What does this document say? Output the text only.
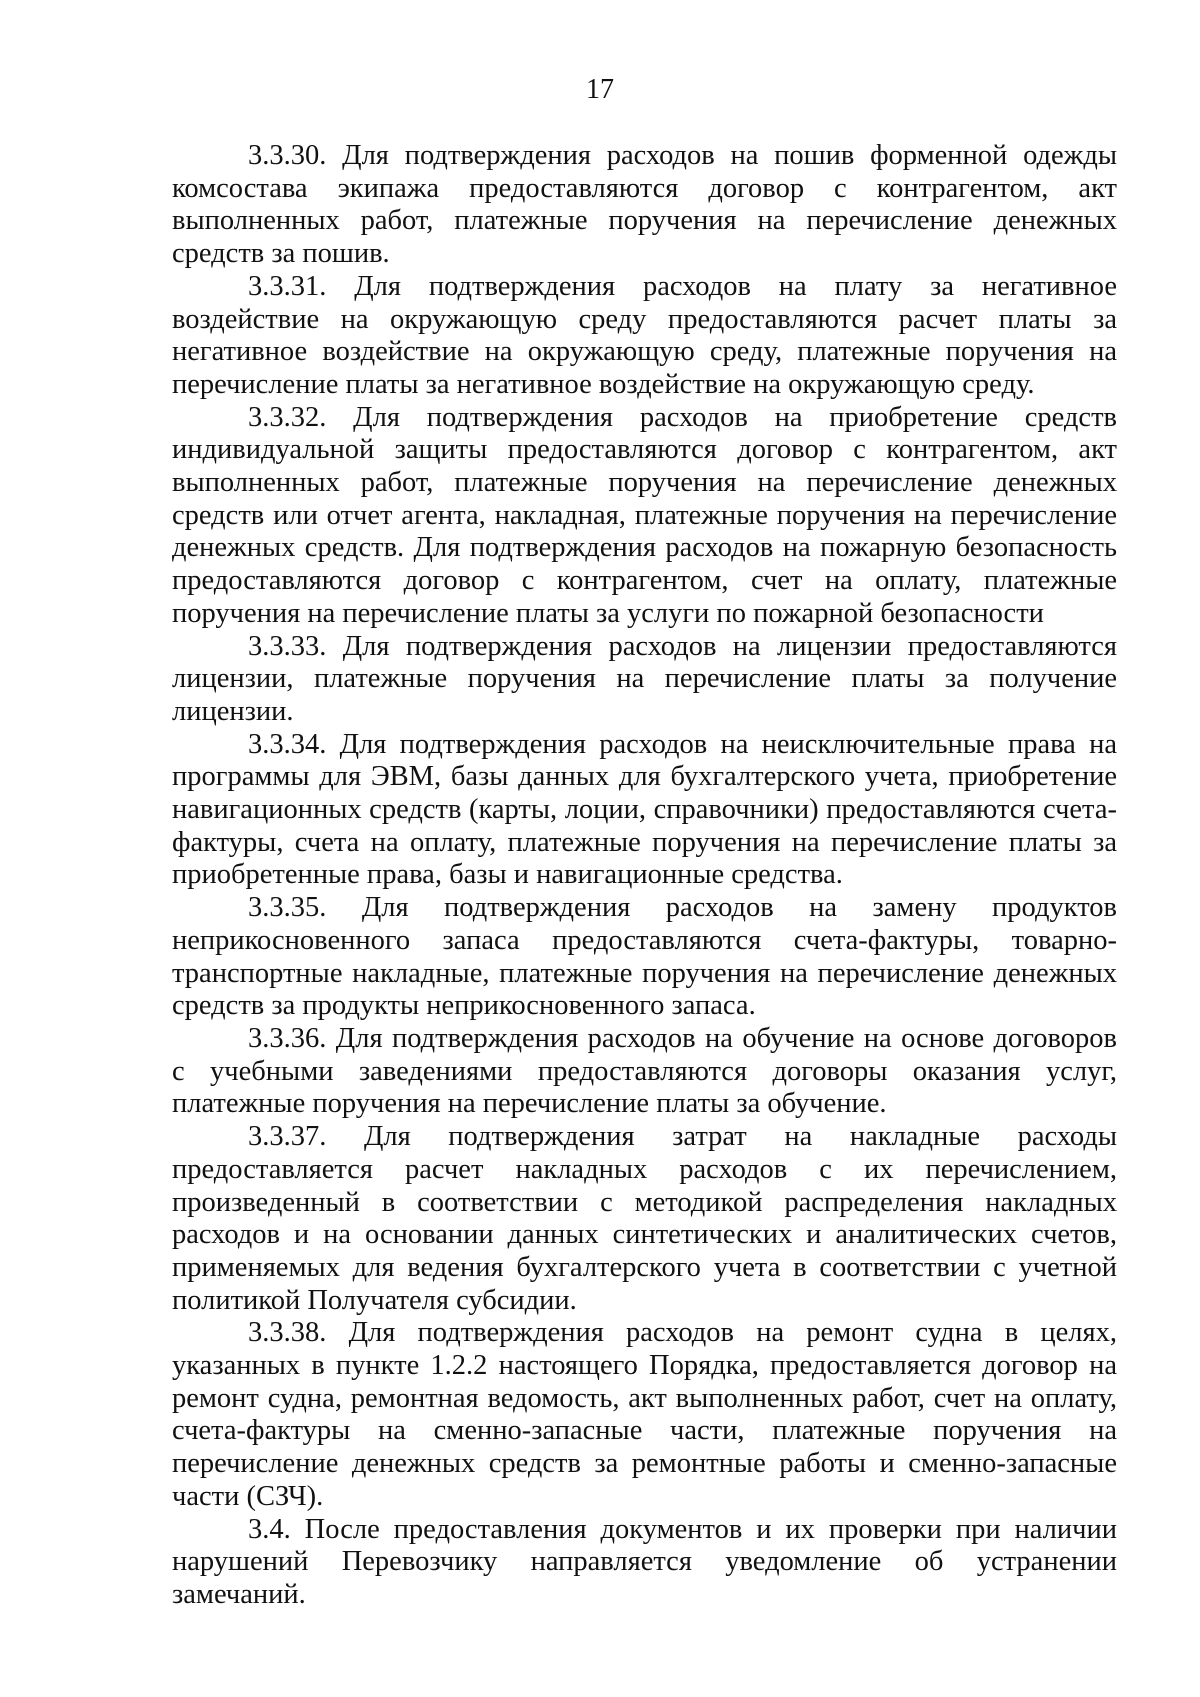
17

3.3.30. Для подтверждения расходов на пошив форменной одежды комсостава экипажа предоставляются договор с контрагентом, акт выполненных работ, платежные поручения на перечисление денежных средств за пошив.

3.3.31. Для подтверждения расходов на плату за негативное воздействие на окружающую среду предоставляются расчет платы за негативное воздействие на окружающую среду, платежные поручения на перечисление платы за негативное воздействие на окружающую среду.

3.3.32. Для подтверждения расходов на приобретение средств индивидуальной защиты предоставляются договор с контрагентом, акт выполненных работ, платежные поручения на перечисление денежных средств или отчет агента, накладная, платежные поручения на перечисление денежных средств. Для подтверждения расходов на пожарную безопасность предоставляются договор с контрагентом, счет на оплату, платежные поручения на перечисление платы за услуги по пожарной безопасности

3.3.33. Для подтверждения расходов на лицензии предоставляются лицензии, платежные поручения на перечисление платы за получение лицензии.

3.3.34. Для подтверждения расходов на неисключительные права на программы для ЭВМ, базы данных для бухгалтерского учета, приобретение навигационных средств (карты, лоции, справочники) предоставляются счета-фактуры, счета на оплату, платежные поручения на перечисление платы за приобретенные права, базы и навигационные средства.

3.3.35. Для подтверждения расходов на замену продуктов неприкосновенного запаса предоставляются счета-фактуры, товарно-транспортные накладные, платежные поручения на перечисление денежных средств за продукты неприкосновенного запаса.

3.3.36. Для подтверждения расходов на обучение на основе договоров с учебными заведениями предоставляются договоры оказания услуг, платежные поручения на перечисление платы за обучение.

3.3.37. Для подтверждения затрат на накладные расходы предоставляется расчет накладных расходов с их перечислением, произведенный в соответствии с методикой распределения накладных расходов и на основании данных синтетических и аналитических счетов, применяемых для ведения бухгалтерского учета в соответствии с учетной политикой Получателя субсидии.

3.3.38. Для подтверждения расходов на ремонт судна в целях, указанных в пункте 1.2.2 настоящего Порядка, предоставляется договор на ремонт судна, ремонтная ведомость, акт выполненных работ, счет на оплату, счета-фактуры на сменно-запасные части, платежные поручения на перечисление денежных средств за ремонтные работы и сменно-запасные части (СЗЧ).

3.4. После предоставления документов и их проверки при наличии нарушений Перевозчику направляется уведомление об устранении замечаний.
